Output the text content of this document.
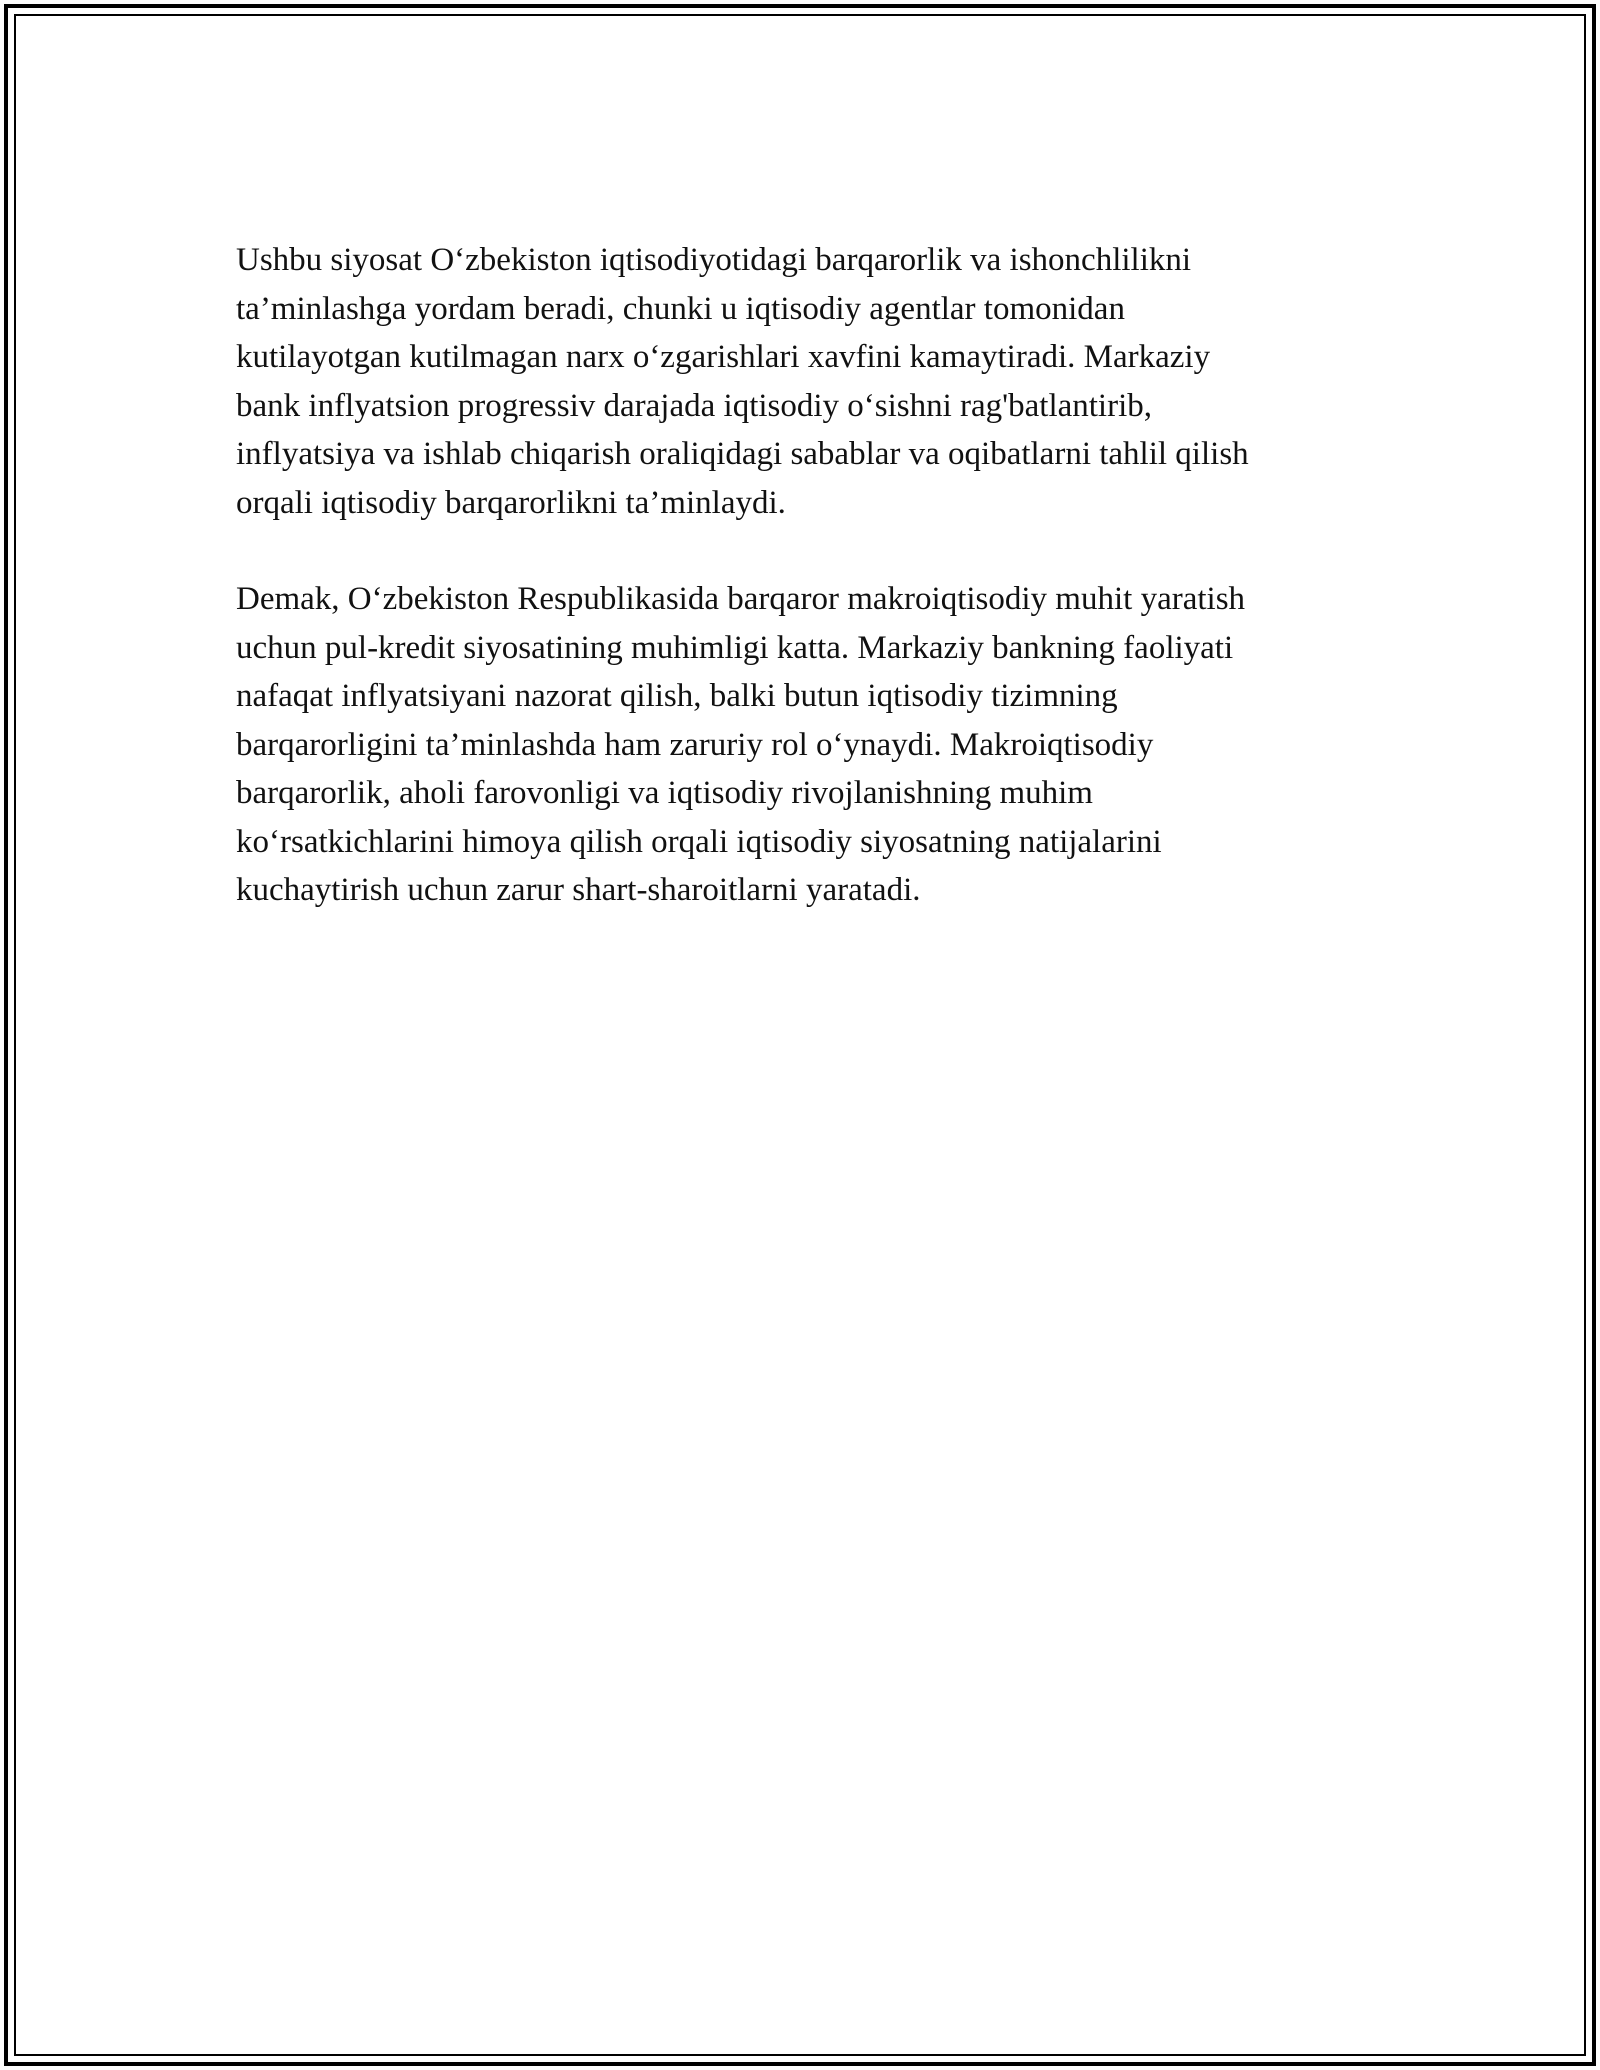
Ushbu siyosat O‘zbekiston iqtisodiyotidagi barqarorlik va ishonchlilikni
ta’minlashga yordam beradi, chunki u iqtisodiy agentlar tomonidan
kutilayotgan kutilmagan narx o‘zgarishlari xavfini kamaytiradi. Markaziy
bank inflyatsion progressiv darajada iqtisodiy o‘sishni rag'batlantirib,
inflyatsiya va ishlab chiqarish oraliqidagi sabablar va oqibatlarni tahlil qilish
orqali iqtisodiy barqarorlikni ta’minlaydi.

Demak, O‘zbekiston Respublikasida barqaror makroiqtisodiy muhit yaratish
uchun pul-kredit siyosatining muhimligi katta. Markaziy bankning faoliyati
nafaqat inflyatsiyani nazorat qilish, balki butun iqtisodiy tizimning
barqarorligini ta’minlashda ham zaruriy rol o‘ynaydi. Makroiqtisodiy
barqarorlik, aholi farovonligi va iqtisodiy rivojlanishning muhim
ko‘rsatkichlarini himoya qilish orqali iqtisodiy siyosatning natijalarini
kuchaytirish uchun zarur shart-sharoitlarni yaratadi.
